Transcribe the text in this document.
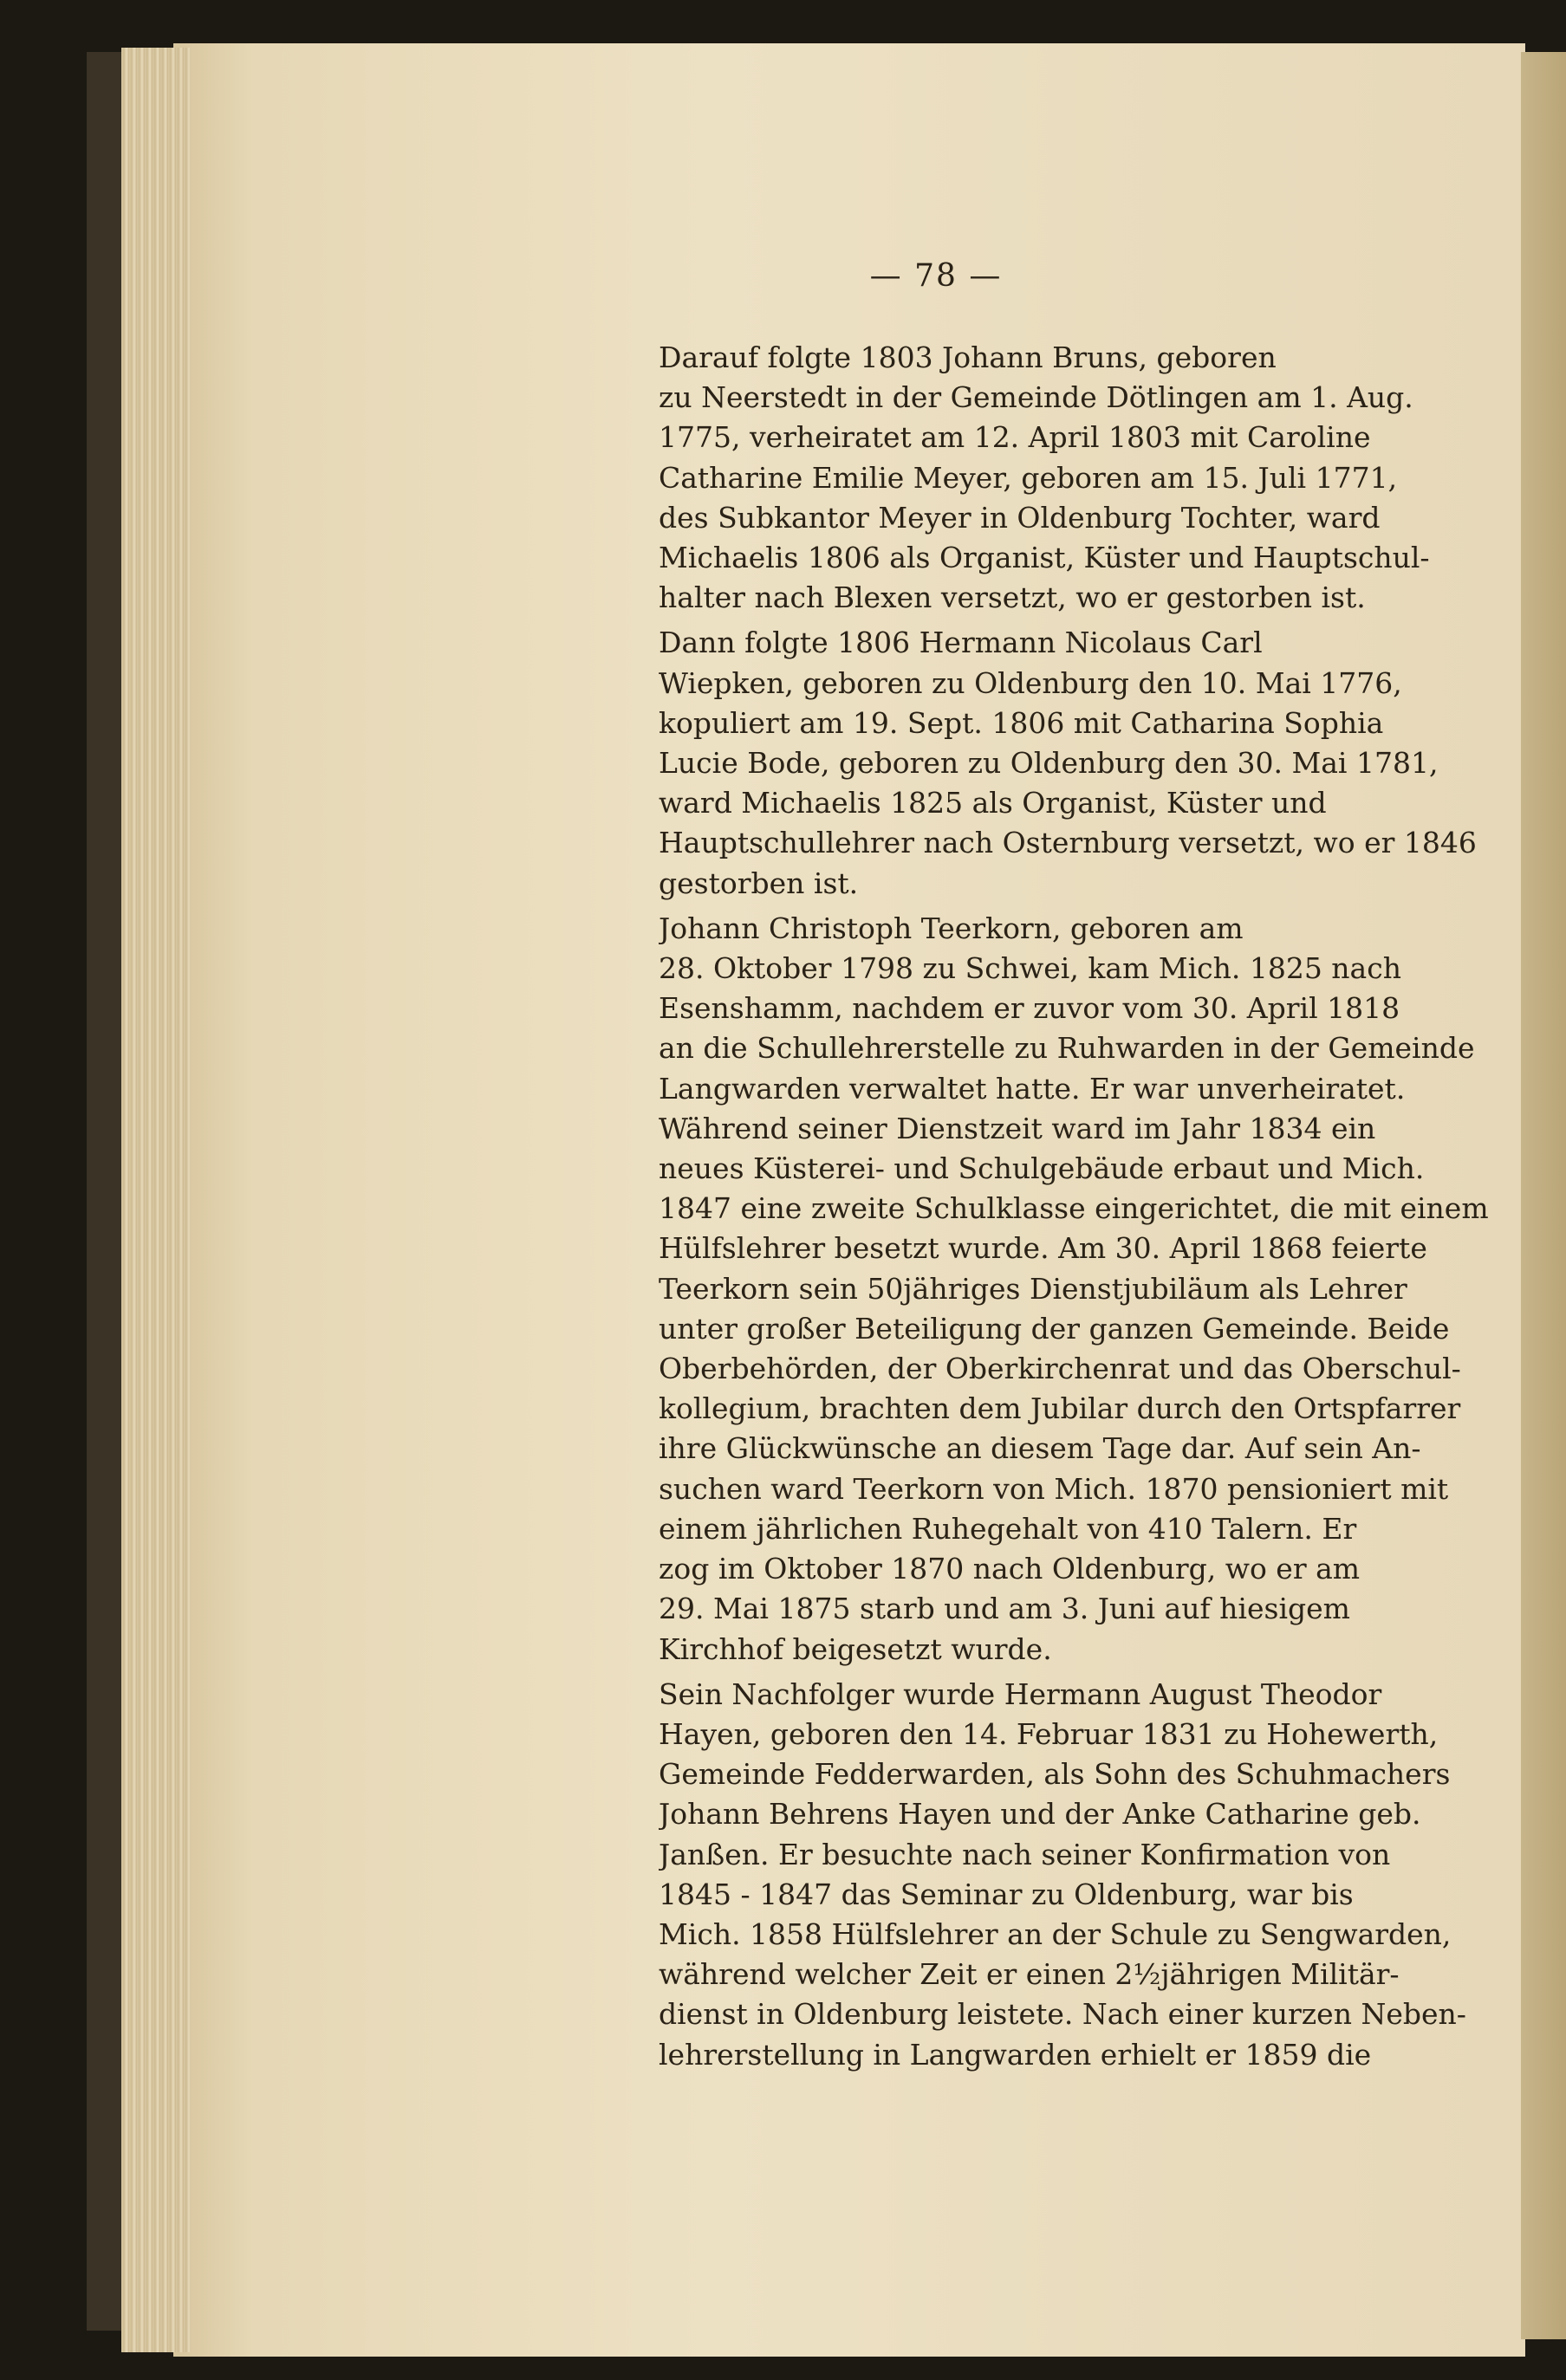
— 78 —

Darauf folgte 1803 Johann Bruns, geboren
zu Neerstedt in der Gemeinde Dötlingen am 1. Aug.
1775, verheiratet am 12. April 1803 mit Caroline
Catharine Emilie Meyer, geboren am 15. Juli 1771,
des Subkantor Meyer in Oldenburg Tochter, ward
Michaelis 1806 als Organist, Küster und Hauptschul-
halter nach Blexen versetzt, wo er gestorben ist.

Dann folgte 1806 Hermann Nicolaus Carl
Wiepken, geboren zu Oldenburg den 10. Mai 1776,
kopuliert am 19. Sept. 1806 mit Catharina Sophia
Lucie Bode, geboren zu Oldenburg den 30. Mai 1781,
ward Michaelis 1825 als Organist, Küster und
Hauptschullehrer nach Osternburg versetzt, wo er 1846
gestorben ist.

Johann Christoph Teerkorn, geboren am
28. Oktober 1798 zu Schwei, kam Mich. 1825 nach
Esenshamm, nachdem er zuvor vom 30. April 1818
an die Schullehrerstelle zu Ruhwarden in der Gemeinde
Langwarden verwaltet hatte. Er war unverheiratet.
Während seiner Dienstzeit ward im Jahr 1834 ein
neues Küsterei- und Schulgebäude erbaut und Mich.
1847 eine zweite Schulklasse eingerichtet, die mit einem
Hülfslehrer besetzt wurde. Am 30. April 1868 feierte
Teerkorn sein 50jähriges Dienstjubiläum als Lehrer
unter großer Beteiligung der ganzen Gemeinde. Beide
Oberbehörden, der Oberkirchenrat und das Oberschul-
kollegium, brachten dem Jubilar durch den Ortspfarrer
ihre Glückwünsche an diesem Tage dar. Auf sein An-
suchen ward Teerkorn von Mich. 1870 pensioniert mit
einem jährlichen Ruhegehalt von 410 Talern. Er
zog im Oktober 1870 nach Oldenburg, wo er am
29. Mai 1875 starb und am 3. Juni auf hiesigem
Kirchhof beigesetzt wurde.

Sein Nachfolger wurde Hermann August Theodor
Hayen, geboren den 14. Februar 1831 zu Hohewerth,
Gemeinde Fedderwarden, als Sohn des Schuhmachers
Johann Behrens Hayen und der Anke Catharine geb.
Janßen. Er besuchte nach seiner Konfirmation von
1845 - 1847 das Seminar zu Oldenburg, war bis
Mich. 1858 Hülfslehrer an der Schule zu Sengwarden,
während welcher Zeit er einen 2½jährigen Militär-
dienst in Oldenburg leistete. Nach einer kurzen Neben-
lehrerstellung in Langwarden erhielt er 1859 die
